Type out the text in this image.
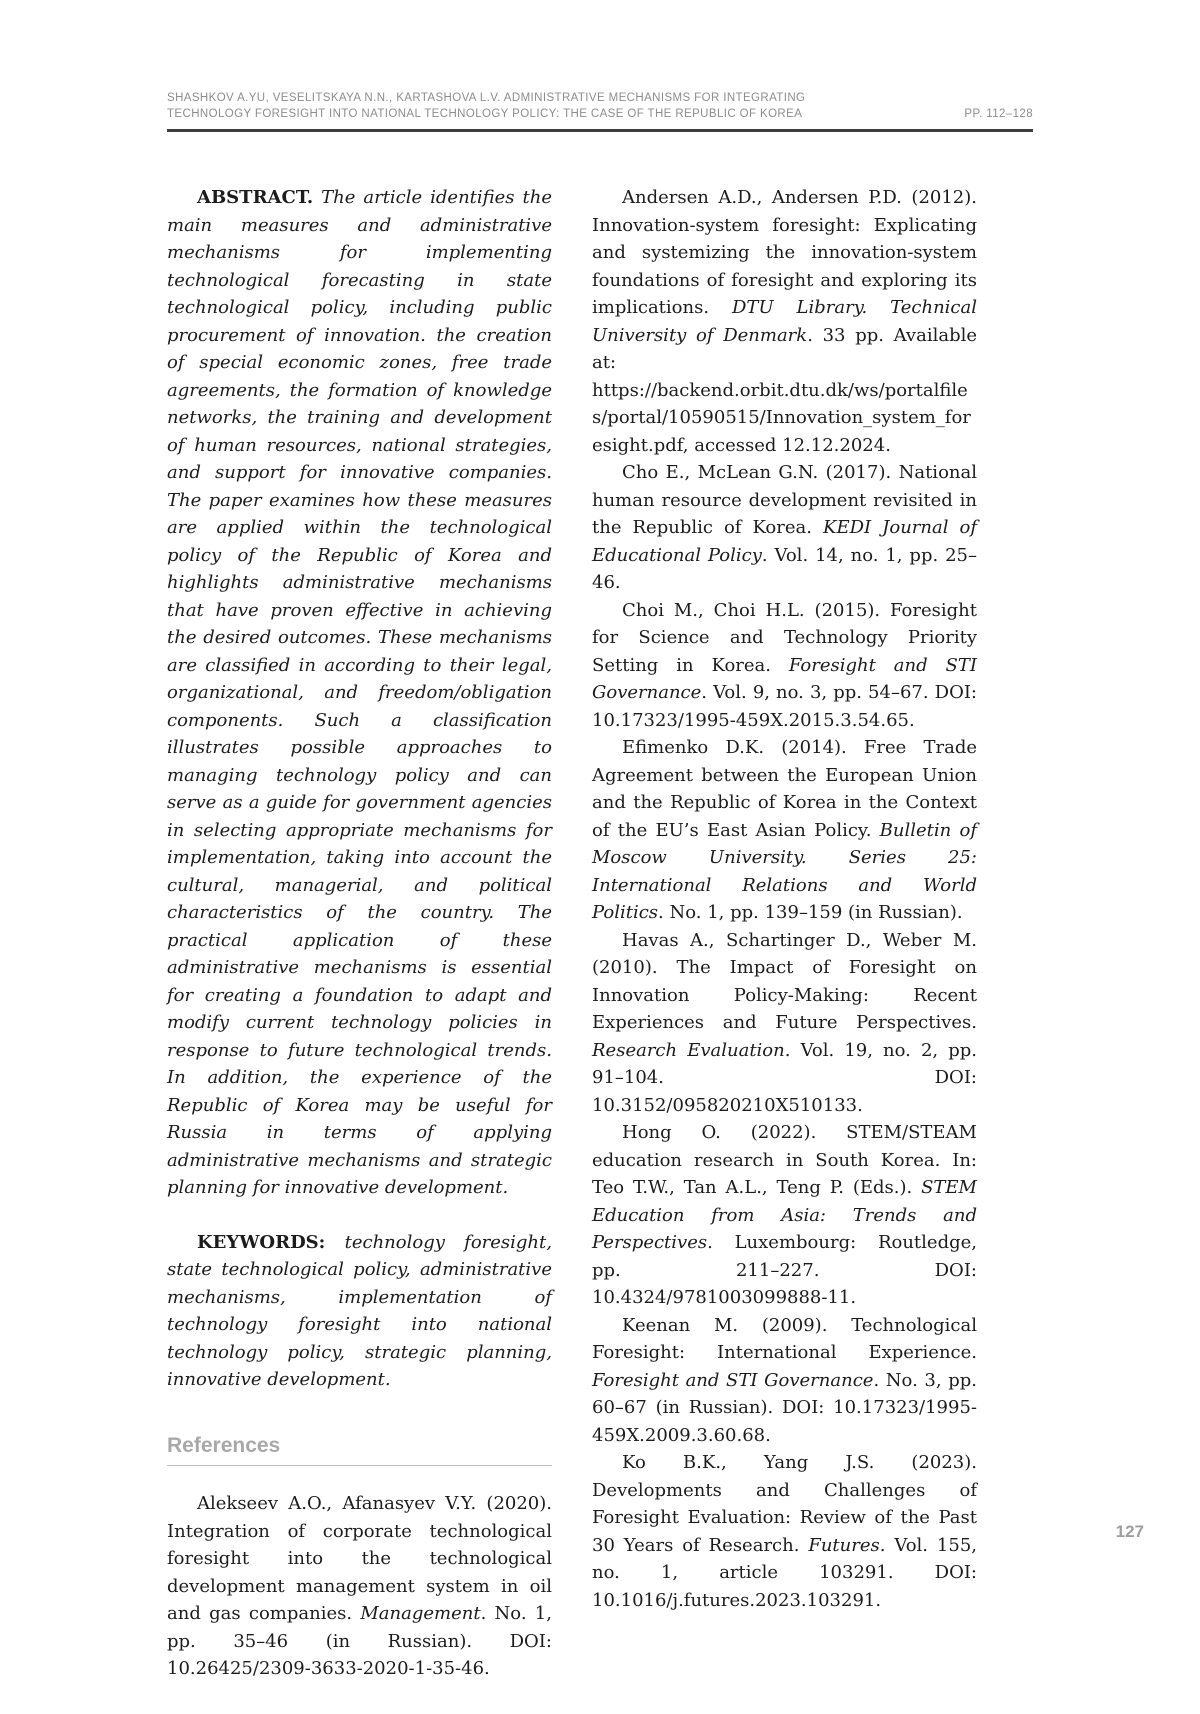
SHASHKOV A.YU, VESELITSKAYA N.N., KARTASHOVA L.V. ADMINISTRATIVE MECHANISMS FOR INTEGRATING
TECHNOLOGY FORESIGHT INTO NATIONAL TECHNOLOGY POLICY: THE CASE OF THE REPUBLIC OF KOREA	PP. 112–128

ABSTRACT. The article identifies the main measures and administrative mechanisms for implementing technological forecasting in state technological policy, including public procurement of innovation. the creation of special economic zones, free trade agreements, the formation of knowledge networks, the training and development of human resources, national strategies, and support for innovative companies. The paper examines how these measures are applied within the technological policy of the Republic of Korea and highlights administrative mechanisms that have proven effective in achieving the desired outcomes. These mechanisms are classified in according to their legal, organizational, and freedom/obligation components. Such a classification illustrates possible approaches to managing technology policy and can serve as a guide for government agencies in selecting appropriate mechanisms for implementation, taking into account the cultural, managerial, and political characteristics of the country. The practical application of these administrative mechanisms is essential for creating a foundation to adapt and modify current technology policies in response to future technological trends. In addition, the experience of the Republic of Korea may be useful for Russia in terms of applying administrative mechanisms and strategic planning for innovative development.

KEYWORDS: technology foresight, state technological policy, administrative mechanisms, implementation of technology foresight into national technology policy, strategic planning, innovative development.

References

Alekseev A.O., Afanasyev V.Y. (2020). Integration of corporate technological foresight into the technological development management system in oil and gas companies. Management. No. 1, pp. 35–46 (in Russian). DOI: 10.26425/2309-3633-2020-1-35-46.

Andersen A.D., Andersen P.D. (2012). Innovation-system foresight: Explicating and systemizing the innovation-system foundations of foresight and exploring its implications. DTU Library. Technical University of Denmark. 33 pp. Available at: https://backend.orbit.dtu.dk/ws/portalfiles/portal/10590515/Innovation_system_foresight.pdf, accessed 12.12.2024.

Cho E., McLean G.N. (2017). National human resource development revisited in the Republic of Korea. KEDI Journal of Educational Policy. Vol. 14, no. 1, pp. 25–46.

Choi M., Choi H.L. (2015). Foresight for Science and Technology Priority Setting in Korea. Foresight and STI Governance. Vol. 9, no. 3, pp. 54–67. DOI: 10.17323/1995-459X.2015.3.54.65.

Efimenko D.K. (2014). Free Trade Agreement between the European Union and the Republic of Korea in the Context of the EU’s East Asian Policy. Bulletin of Moscow University. Series 25: International Relations and World Politics. No. 1, pp. 139–159 (in Russian).

Havas A., Schartinger D., Weber M. (2010). The Impact of Foresight on Innovation Policy-Making: Recent Experiences and Future Perspectives. Research Evaluation. Vol. 19, no. 2, pp. 91–104. DOI: 10.3152/095820210X510133.

Hong O. (2022). STEM/STEAM education research in South Korea. In: Teo T.W., Tan A.L., Teng P. (Eds.). STEM Education from Asia: Trends and Perspectives. Luxembourg: Routledge, pp. 211–227. DOI: 10.4324/9781003099888-11.

Keenan M. (2009). Technological Foresight: International Experience. Foresight and STI Governance. No. 3, pp. 60–67 (in Russian). DOI: 10.17323/1995-459X.2009.3.60.68.

Ko B.K., Yang J.S. (2023). Developments and Challenges of Foresight Evaluation: Review of the Past 30 Years of Research. Futures. Vol. 155, no. 1, article 103291. DOI: 10.1016/j.futures.2023.103291.

127
